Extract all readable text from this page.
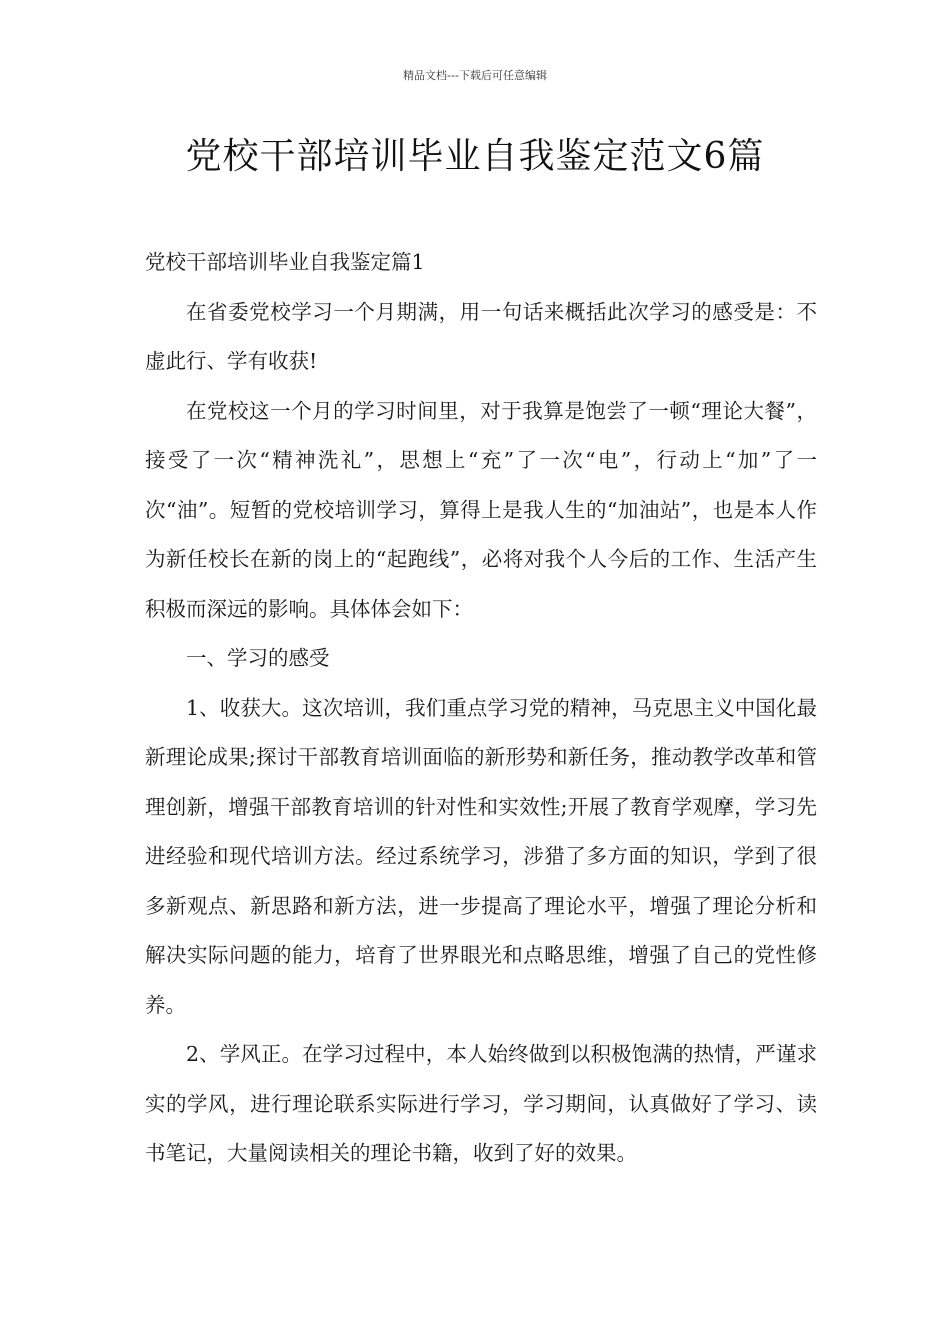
精品文档---下载后可任意编辑
党校干部培训毕业自我鉴定范文6篇

党校干部培训毕业自我鉴定篇1

在省委党校学习一个月期满，用一句话来概括此次学习的感受是：不虚此行、学有收获!

在党校这一个月的学习时间里，对于我算是饱尝了一顿“理论大餐”，接受了一次“精神洗礼”，思想上“充”了一次“电”，行动上“加”了一次“油”。短暂的党校培训学习，算得上是我人生的“加油站”，也是本人作为新任校长在新的岗上的“起跑线”，必将对我个人今后的工作、生活产生积极而深远的影响。具体体会如下：

一、学习的感受

1、收获大。这次培训，我们重点学习党的精神，马克思主义中国化最新理论成果;探讨干部教育培训面临的新形势和新任务，推动教学改革和管理创新，增强干部教育培训的针对性和实效性;开展了教育学观摩，学习先进经验和现代培训方法。经过系统学习，涉猎了多方面的知识，学到了很多新观点、新思路和新方法，进一步提高了理论水平，增强了理论分析和解决实际问题的能力，培育了世界眼光和点略思维，增强了自己的党性修养。

2、学风正。在学习过程中，本人始终做到以积极饱满的热情，严谨求实的学风，进行理论联系实际进行学习，学习期间，认真做好了学习、读书笔记，大量阅读相关的理论书籍，收到了好的效果。
